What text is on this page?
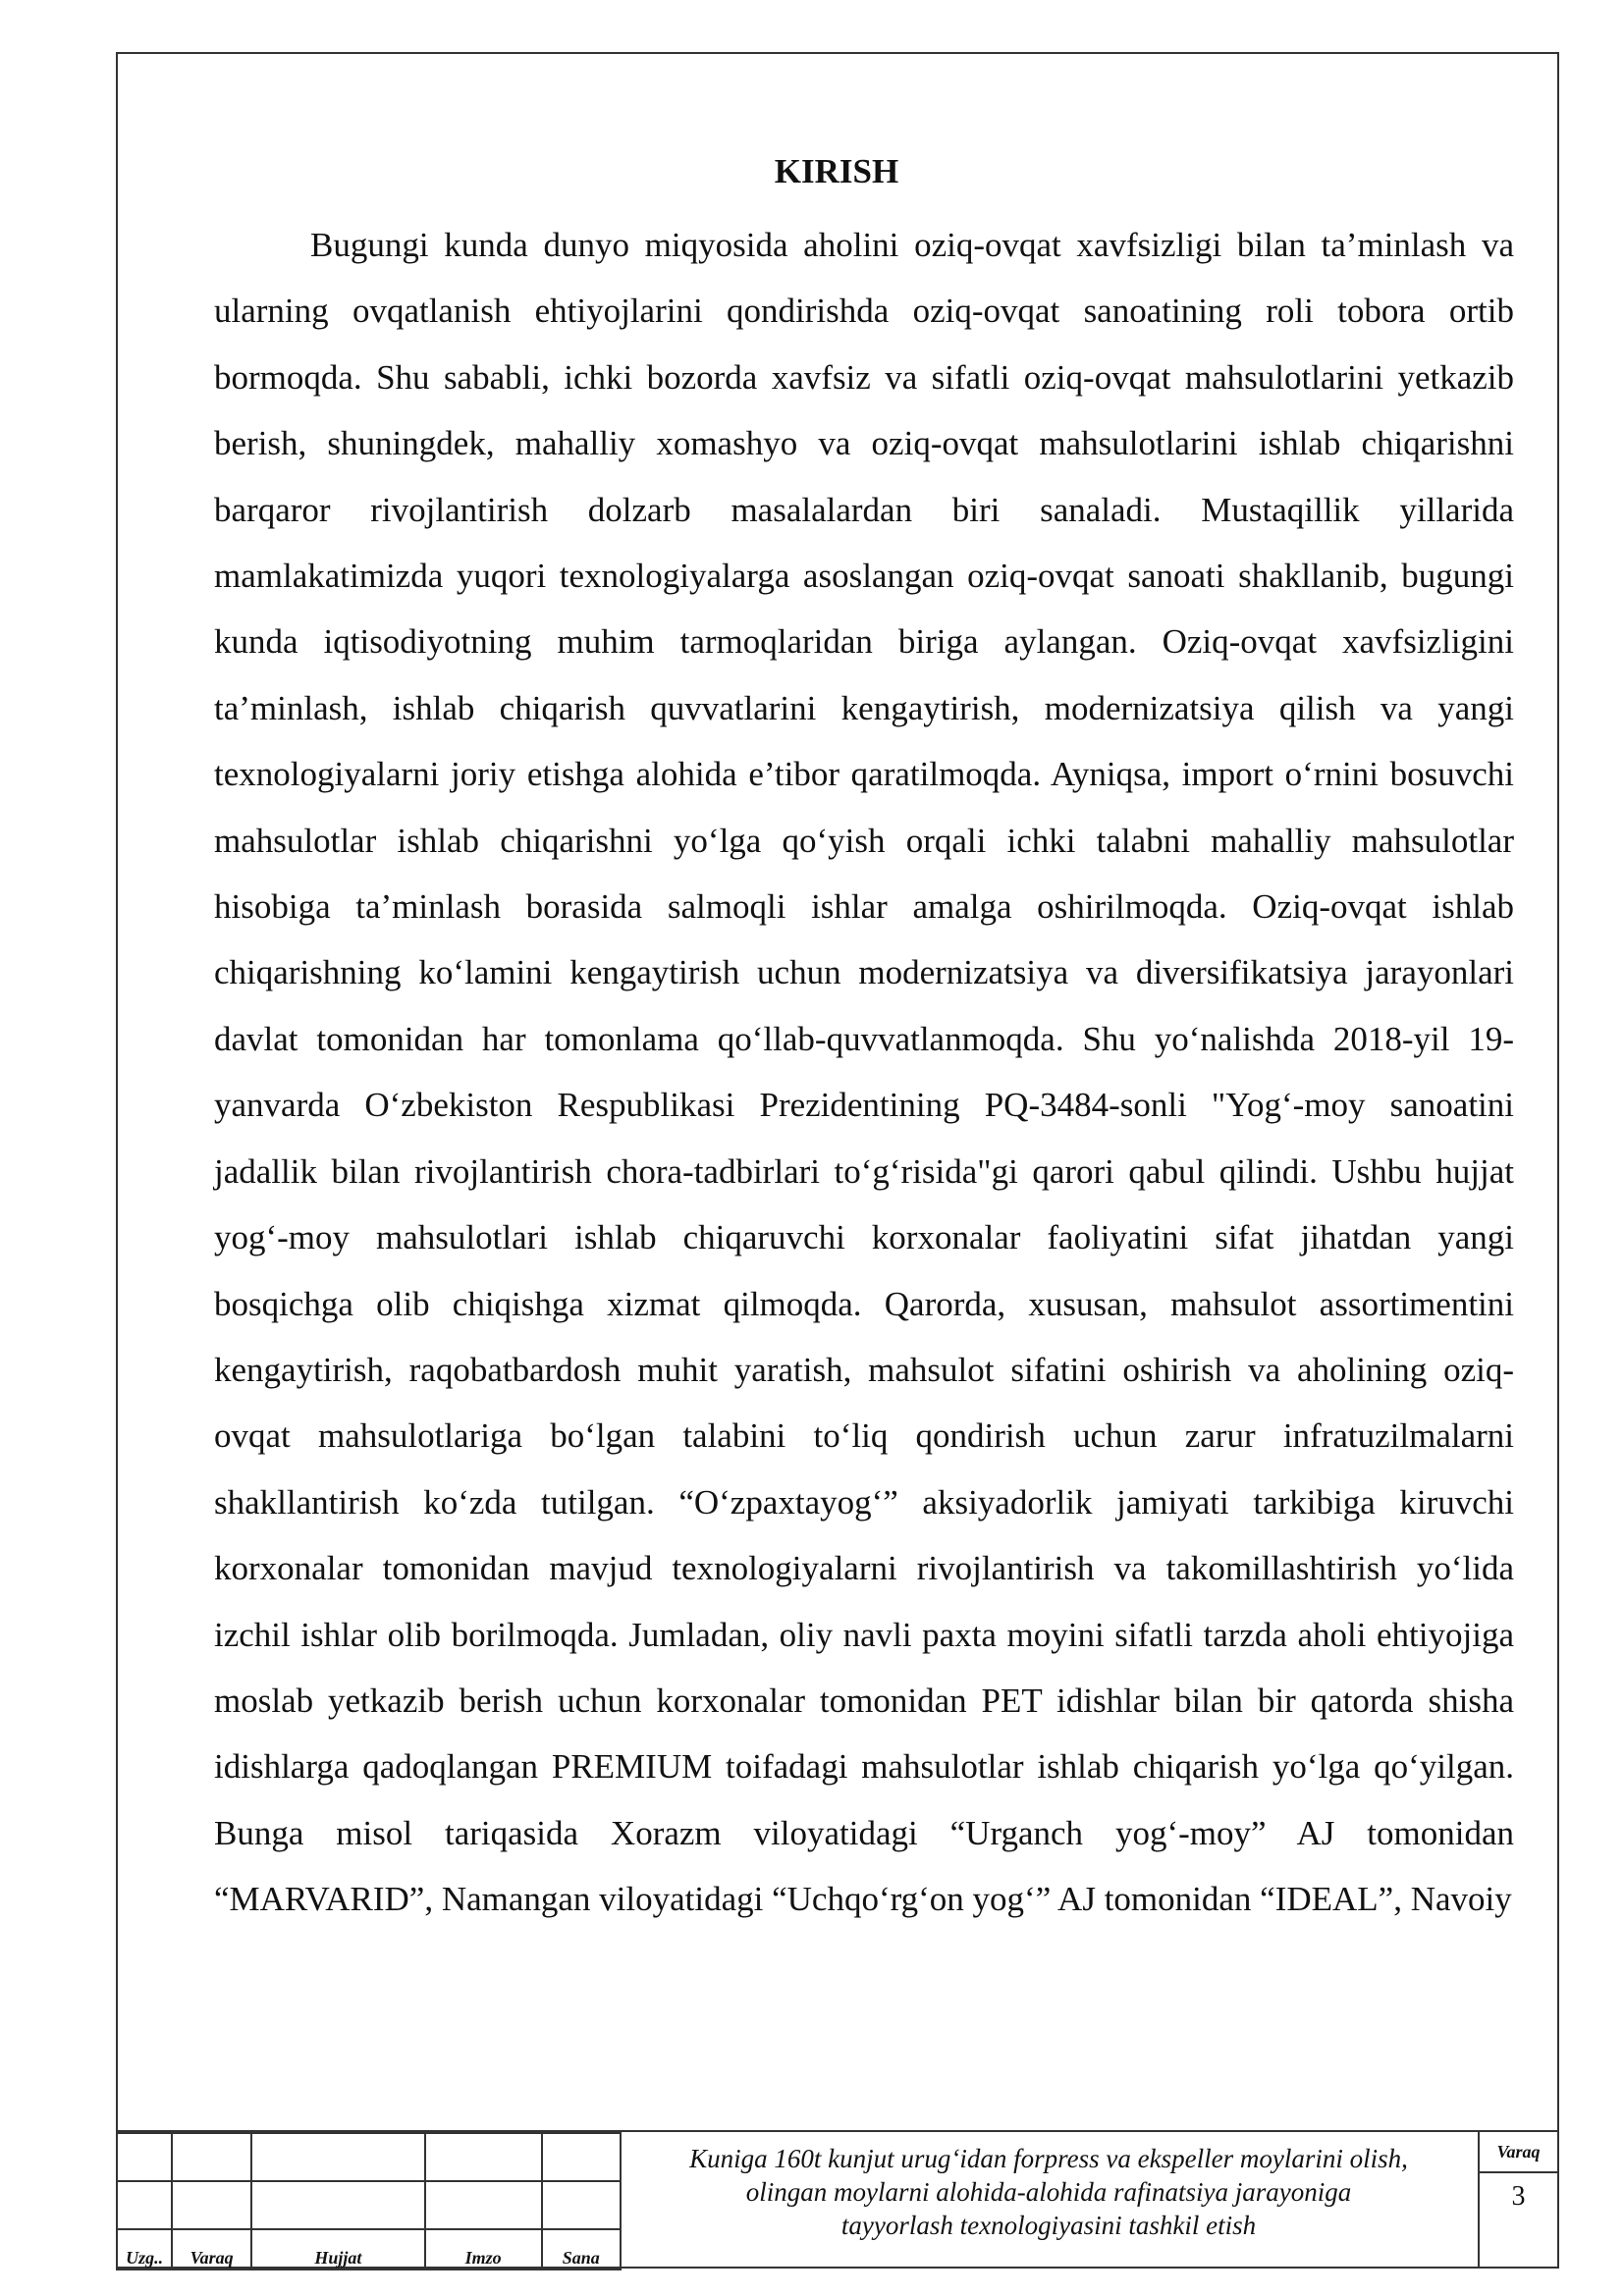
KIRISH

Bugungi kunda dunyo miqyosida aholini oziq-ovqat xavfsizligi bilan ta’minlash va ularning ovqatlanish ehtiyojlarini qondirishda oziq-ovqat sanoatining roli tobora ortib bormoqda. Shu sababli, ichki bozorda xavfsiz va sifatli oziq-ovqat mahsulotlarini yetkazib berish, shuningdek, mahalliy xomashyo va oziq-ovqat mahsulotlarini ishlab chiqarishni barqaror rivojlantirish dolzarb masalalardan biri sanaladi. Mustaqillik yillarida mamlakatimizda yuqori texnologiyalarga asoslangan oziq-ovqat sanoati shakllanib, bugungi kunda iqtisodiyotning muhim tarmoqlaridan biriga aylangan. Oziq-ovqat xavfsizligini ta’minlash, ishlab chiqarish quvvatlarini kengaytirish, modernizatsiya qilish va yangi texnologiyalarni joriy etishga alohida e’tibor qaratilmoqda. Ayniqsa, import o‘rnini bosuvchi mahsulotlar ishlab chiqarishni yo‘lga qo‘yish orqali ichki talabni mahalliy mahsulotlar hisobiga ta’minlash borasida salmoqli ishlar amalga oshirilmoqda. Oziq-ovqat ishlab chiqarishning ko‘lamini kengaytirish uchun modernizatsiya va diversifikatsiya jarayonlari davlat tomonidan har tomonlama qo‘llab-quvvatlanmoqda. Shu yo‘nalishda 2018-yil 19-yanvarda O‘zbekiston Respublikasi Prezidentining PQ-3484-sonli "Yog‘-moy sanoatini jadallik bilan rivojlantirish chora-tadbirlari to‘g‘risida"gi qarori qabul qilindi. Ushbu hujjat yog‘-moy mahsulotlari ishlab chiqaruvchi korxonalar faoliyatini sifat jihatdan yangi bosqichga olib chiqishga xizmat qilmoqda. Qarorda, xususan, mahsulot assortimentini kengaytirish, raqobatbardosh muhit yaratish, mahsulot sifatini oshirish va aholining oziq-ovqat mahsulotlariga bo‘lgan talabini to‘liq qondirish uchun zarur infratuzilmalarni shakllantirish ko‘zda tutilgan. “O‘zpaxtayog‘” aksiyadorlik jamiyati tarkibiga kiruvchi korxonalar tomonidan mavjud texnologiyalarni rivojlantirish va takomillashtirish yo‘lida izchil ishlar olib borilmoqda. Jumladan, oliy navli paxta moyini sifatli tarzda aholi ehtiyojiga moslab yetkazib berish uchun korxonalar tomonidan PET idishlar bilan bir qatorda shisha idishlarga qadoqlangan PREMIUM toifadagi mahsulotlar ishlab chiqarish yo‘lga qo‘yilgan. Bunga misol tariqasida Xorazm viloyatidagi “Urganch yog‘-moy” AJ tomonidan “MARVARID”, Namangan viloyatidagi “Uchqo‘rg‘on yog‘” AJ tomonidan “IDEAL”, Navoiy

Uzg..	Varaq	Hujjat	Imzo	Sana
Kuniga 160t kunjut urug‘idan forpress va ekspeller moylarini olish,
olingan moylarni alohida-alohida rafinatsiya jarayoniga
tayyorlash texnologiyasini tashkil etish
Varaq
3
